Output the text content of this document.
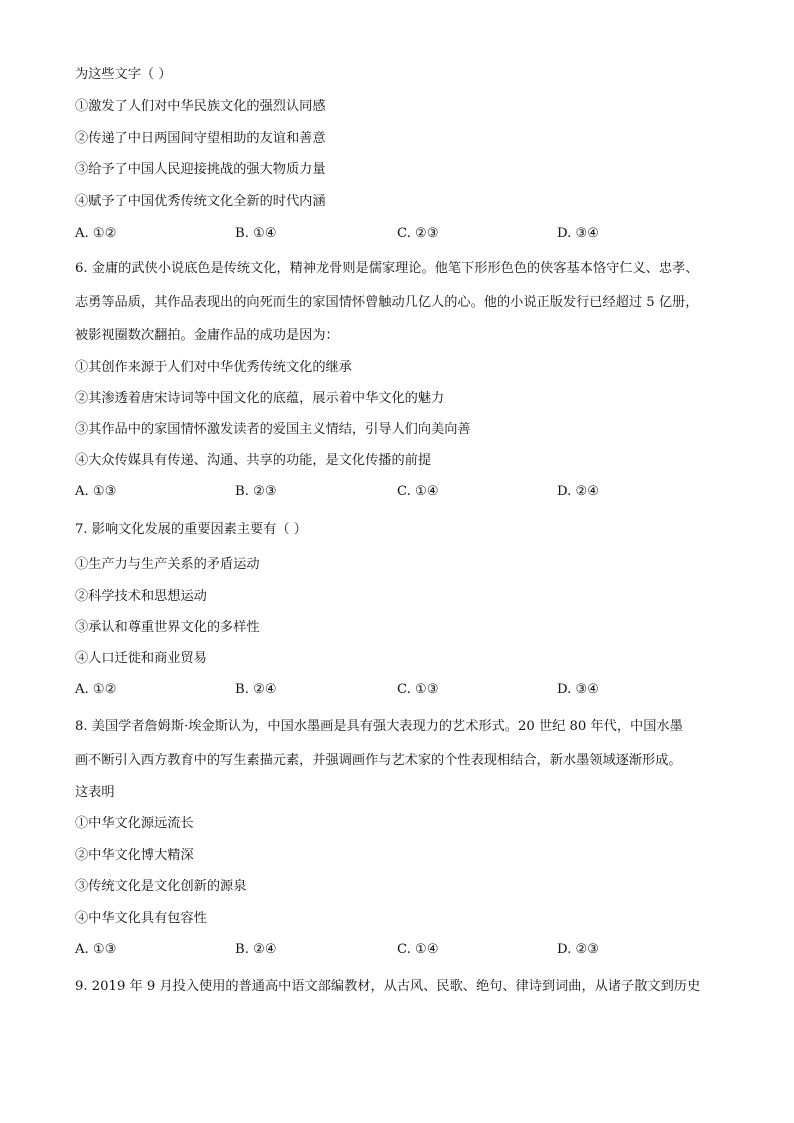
为这些文字（ ）
①激发了人们对中华民族文化的强烈认同感
②传递了中日两国间守望相助的友谊和善意
③给予了中国人民迎接挑战的强大物质力量
④赋予了中国优秀传统文化全新的时代内涵
A. ①②	B. ①④	C. ②③	D. ③④
6. 金庸的武侠小说底色是传统文化，精神龙骨则是儒家理论。他笔下形形色色的侠客基本恪守仁义、忠孝、
志勇等品质，其作品表现出的向死而生的家国情怀曾触动几亿人的心。他的小说正版发行已经超过 5 亿册，
被影视圈数次翻拍。金庸作品的成功是因为：
①其创作来源于人们对中华优秀传统文化的继承
②其渗透着唐宋诗词等中国文化的底蕴，展示着中华文化的魅力
③其作品中的家国情怀激发读者的爱国主义情结，引导人们向美向善
④大众传媒具有传递、沟通、共享的功能，是文化传播的前提
A. ①③	B. ②③	C. ①④	D. ②④
7. 影响文化发展的重要因素主要有（ ）
①生产力与生产关系的矛盾运动
②科学技术和思想运动
③承认和尊重世界文化的多样性
④人口迁徙和商业贸易
A. ①②	B. ②④	C. ①③	D. ③④
8. 美国学者詹姆斯·埃金斯认为，中国水墨画是具有强大表现力的艺术形式。20 世纪 80 年代，中国水墨
画不断引入西方教育中的写生素描元素，并强调画作与艺术家的个性表现相结合，新水墨领域逐渐形成。
这表明
①中华文化源远流长
②中华文化博大精深
③传统文化是文化创新的源泉
④中华文化具有包容性
A. ①③	B. ②④	C. ①④	D. ②③
9. 2019 年 9 月投入使用的普通高中语文部编教材，从古风、民歌、绝句、律诗到词曲，从诸子散文到历史
